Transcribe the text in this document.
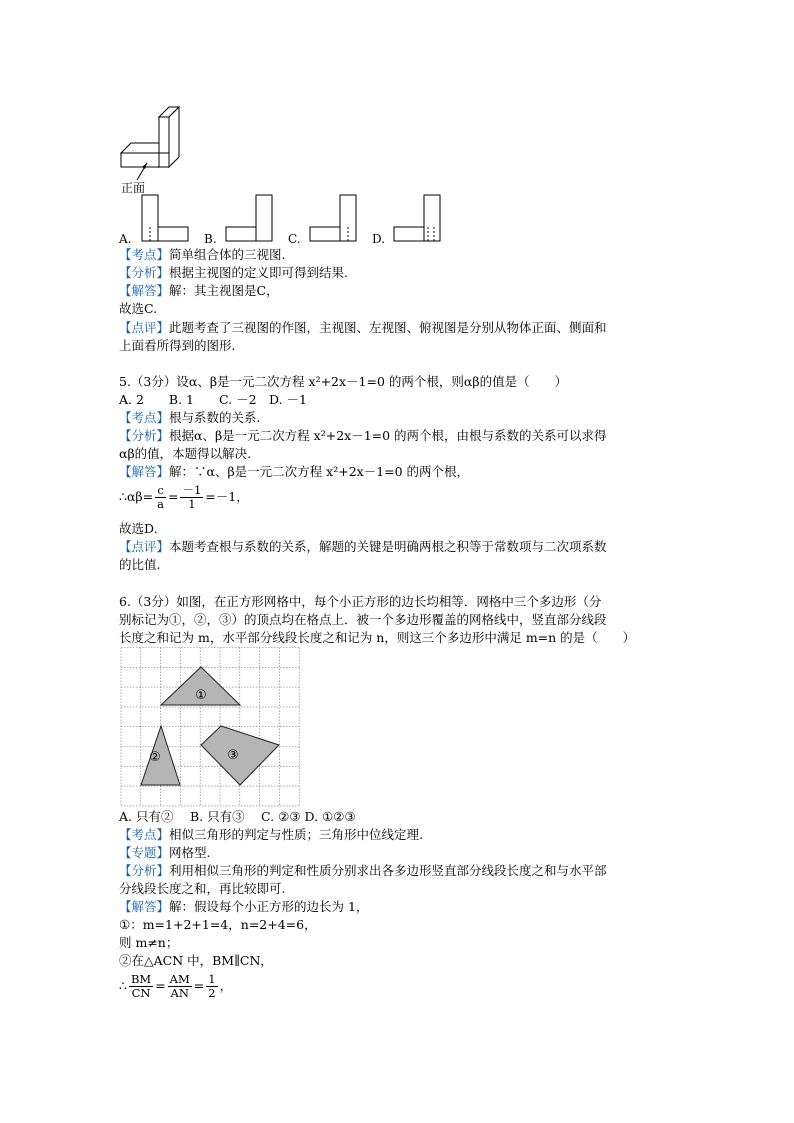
正面
A.	B.	C.	D.
【考点】简单组合体的三视图.
【分析】根据主视图的定义即可得到结果.
【解答】解：其主视图是C，
故选C.
【点评】此题考查了三视图的作图，主视图、左视图、俯视图是分别从物体正面、侧面和
上面看所得到的图形.
5.（3分）设α、β是一元二次方程 x²+2x－1=0 的两个根，则αβ的值是（　　）
A. 2　　B. 1　　C. －2　D. －1
【考点】根与系数的关系.
【分析】根据α、β是一元二次方程 x²+2x－1=0 的两个根，由根与系数的关系可以求得
αβ的值，本题得以解决.
【解答】解：∵α、β是一元二次方程 x²+2x－1=0 的两个根，
∴αβ= $\frac{c}{a} = \frac{-1}{1} =-1$，
故选D.
【点评】本题考查根与系数的关系，解题的关键是明确两根之积等于常数项与二次项系数
的比值.
6.（3分）如图，在正方形网格中，每个小正方形的边长均相等．网格中三个多边形（分
别标记为①，②，③）的顶点均在格点上．被一个多边形覆盖的网格线中，竖直部分线段
长度之和记为 m，水平部分线段长度之和记为 n，则这三个多边形中满足 m=n 的是（　　）
①
②	③
A. 只有②　 B. 只有③　 C. ②③ D. ①②③
【考点】相似三角形的判定与性质；三角形中位线定理.
【专题】网格型.
【分析】利用相似三角形的判定和性质分别求出各多边形竖直部分线段长度之和与水平部
分线段长度之和，再比较即可.
【解答】解：假设每个小正方形的边长为 1，
①：m=1+2+1=4，n=2+4=6，
则 m≠n；
②在△ACN 中，BM∥CN，
∴ $\frac{BM}{CN} = \frac{AM}{AN} = \frac{1}{2}$ ，
